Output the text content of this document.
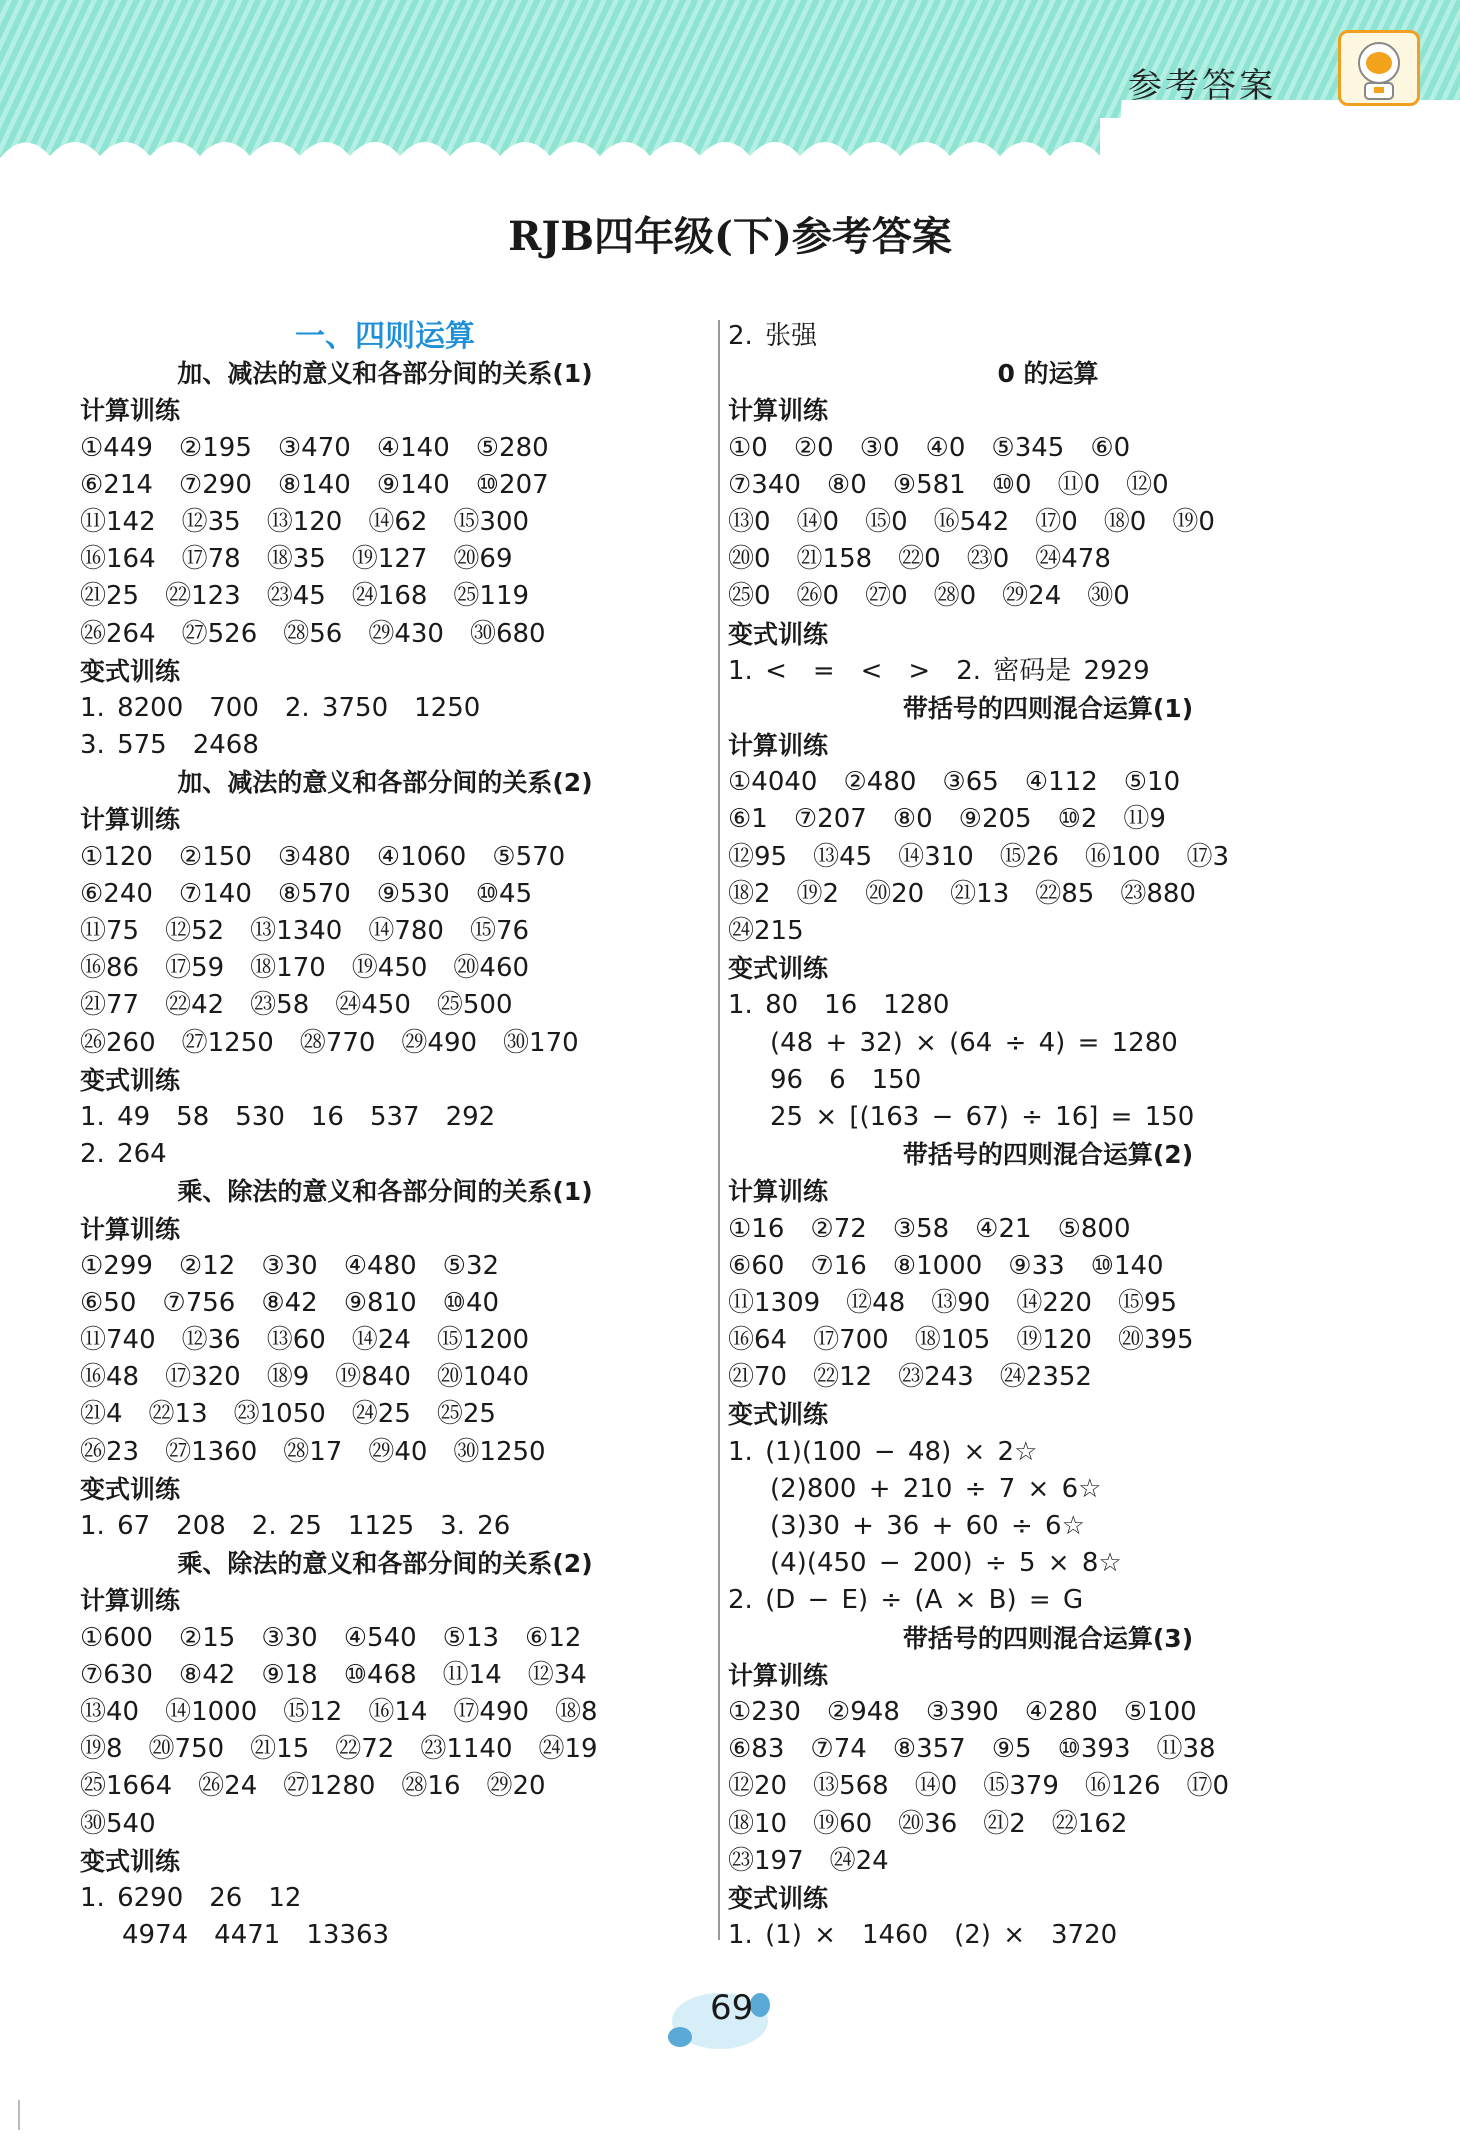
参考答案
RJB四年级(下)参考答案
一、四则运算
加、减法的意义和各部分间的关系(1)
计算训练
①449　②195　③470　④140　⑤280
⑥214　⑦290　⑧140　⑨140　⑩207
⑪142　⑫35　⑬120　⑭62　⑮300
⑯164　⑰78　⑱35　⑲127　⑳69
㉑25　㉒123　㉓45　㉔168　㉕119
㉖264　㉗526　㉘56　㉙430　㉚680
变式训练
1. 8200　700　2. 3750　1250
3. 575　2468
加、减法的意义和各部分间的关系(2)
计算训练
①120　②150　③480　④1060　⑤570
⑥240　⑦140　⑧570　⑨530　⑩45
⑪75　⑫52　⑬1340　⑭780　⑮76
⑯86　⑰59　⑱170　⑲450　⑳460
㉑77　㉒42　㉓58　㉔450　㉕500
㉖260　㉗1250　㉘770　㉙490　㉚170
变式训练
1. 49　58　530　16　537　292
2. 264
乘、除法的意义和各部分间的关系(1)
计算训练
①299　②12　③30　④480　⑤32
⑥50　⑦756　⑧42　⑨810　⑩40
⑪740　⑫36　⑬60　⑭24　⑮1200
⑯48　⑰320　⑱9　⑲840　⑳1040
㉑4　㉒13　㉓1050　㉔25　㉕25
㉖23　㉗1360　㉘17　㉙40　㉚1250
变式训练
1. 67　208　2. 25　1125　3. 26
乘、除法的意义和各部分间的关系(2)
计算训练
①600　②15　③30　④540　⑤13　⑥12
⑦630　⑧42　⑨18　⑩468　⑪14　⑫34
⑬40　⑭1000　⑮12　⑯14　⑰490　⑱8
⑲8　⑳750　㉑15　㉒72　㉓1140　㉔19
㉕1664　㉖24　㉗1280　㉘16　㉙20
㉚540
变式训练
1. 6290　26　12
4974　4471　13363
2. 张强
0 的运算
计算训练
①0　②0　③0　④0　⑤345　⑥0
⑦340　⑧0　⑨581　⑩0　⑪0　⑫0
⑬0　⑭0　⑮0　⑯542　⑰0　⑱0　⑲0
⑳0　㉑158　㉒0　㉓0　㉔478
㉕0　㉖0　㉗0　㉘0　㉙24　㉚0
变式训练
1. <　=　<　>　2. 密码是 2929
带括号的四则混合运算(1)
计算训练
①4040　②480　③65　④112　⑤10
⑥1　⑦207　⑧0　⑨205　⑩2　⑪9
⑫95　⑬45　⑭310　⑮26　⑯100　⑰3
⑱2　⑲2　⑳20　㉑13　㉒85　㉓880
㉔215
变式训练
1. 80　16　1280
(48 + 32) × (64 ÷ 4) = 1280
96　6　150
25 × [(163 − 67) ÷ 16] = 150
带括号的四则混合运算(2)
计算训练
①16　②72　③58　④21　⑤800
⑥60　⑦16　⑧1000　⑨33　⑩140
⑪1309　⑫48　⑬90　⑭220　⑮95
⑯64　⑰700　⑱105　⑲120　⑳395
㉑70　㉒12　㉓243　㉔2352
变式训练
1. (1)(100 − 48) × 2☆
(2)800 + 210 ÷ 7 × 6☆
(3)30 + 36 + 60 ÷ 6☆
(4)(450 − 200) ÷ 5 × 8☆
2. (D − E) ÷ (A × B) = G
带括号的四则混合运算(3)
计算训练
①230　②948　③390　④280　⑤100
⑥83　⑦74　⑧357　⑨5　⑩393　⑪38
⑫20　⑬568　⑭0　⑮379　⑯126　⑰0
⑱10　⑲60　⑳36　㉑2　㉒162
㉓197　㉔24
变式训练
1. (1) ×　1460　(2) ×　3720
69
